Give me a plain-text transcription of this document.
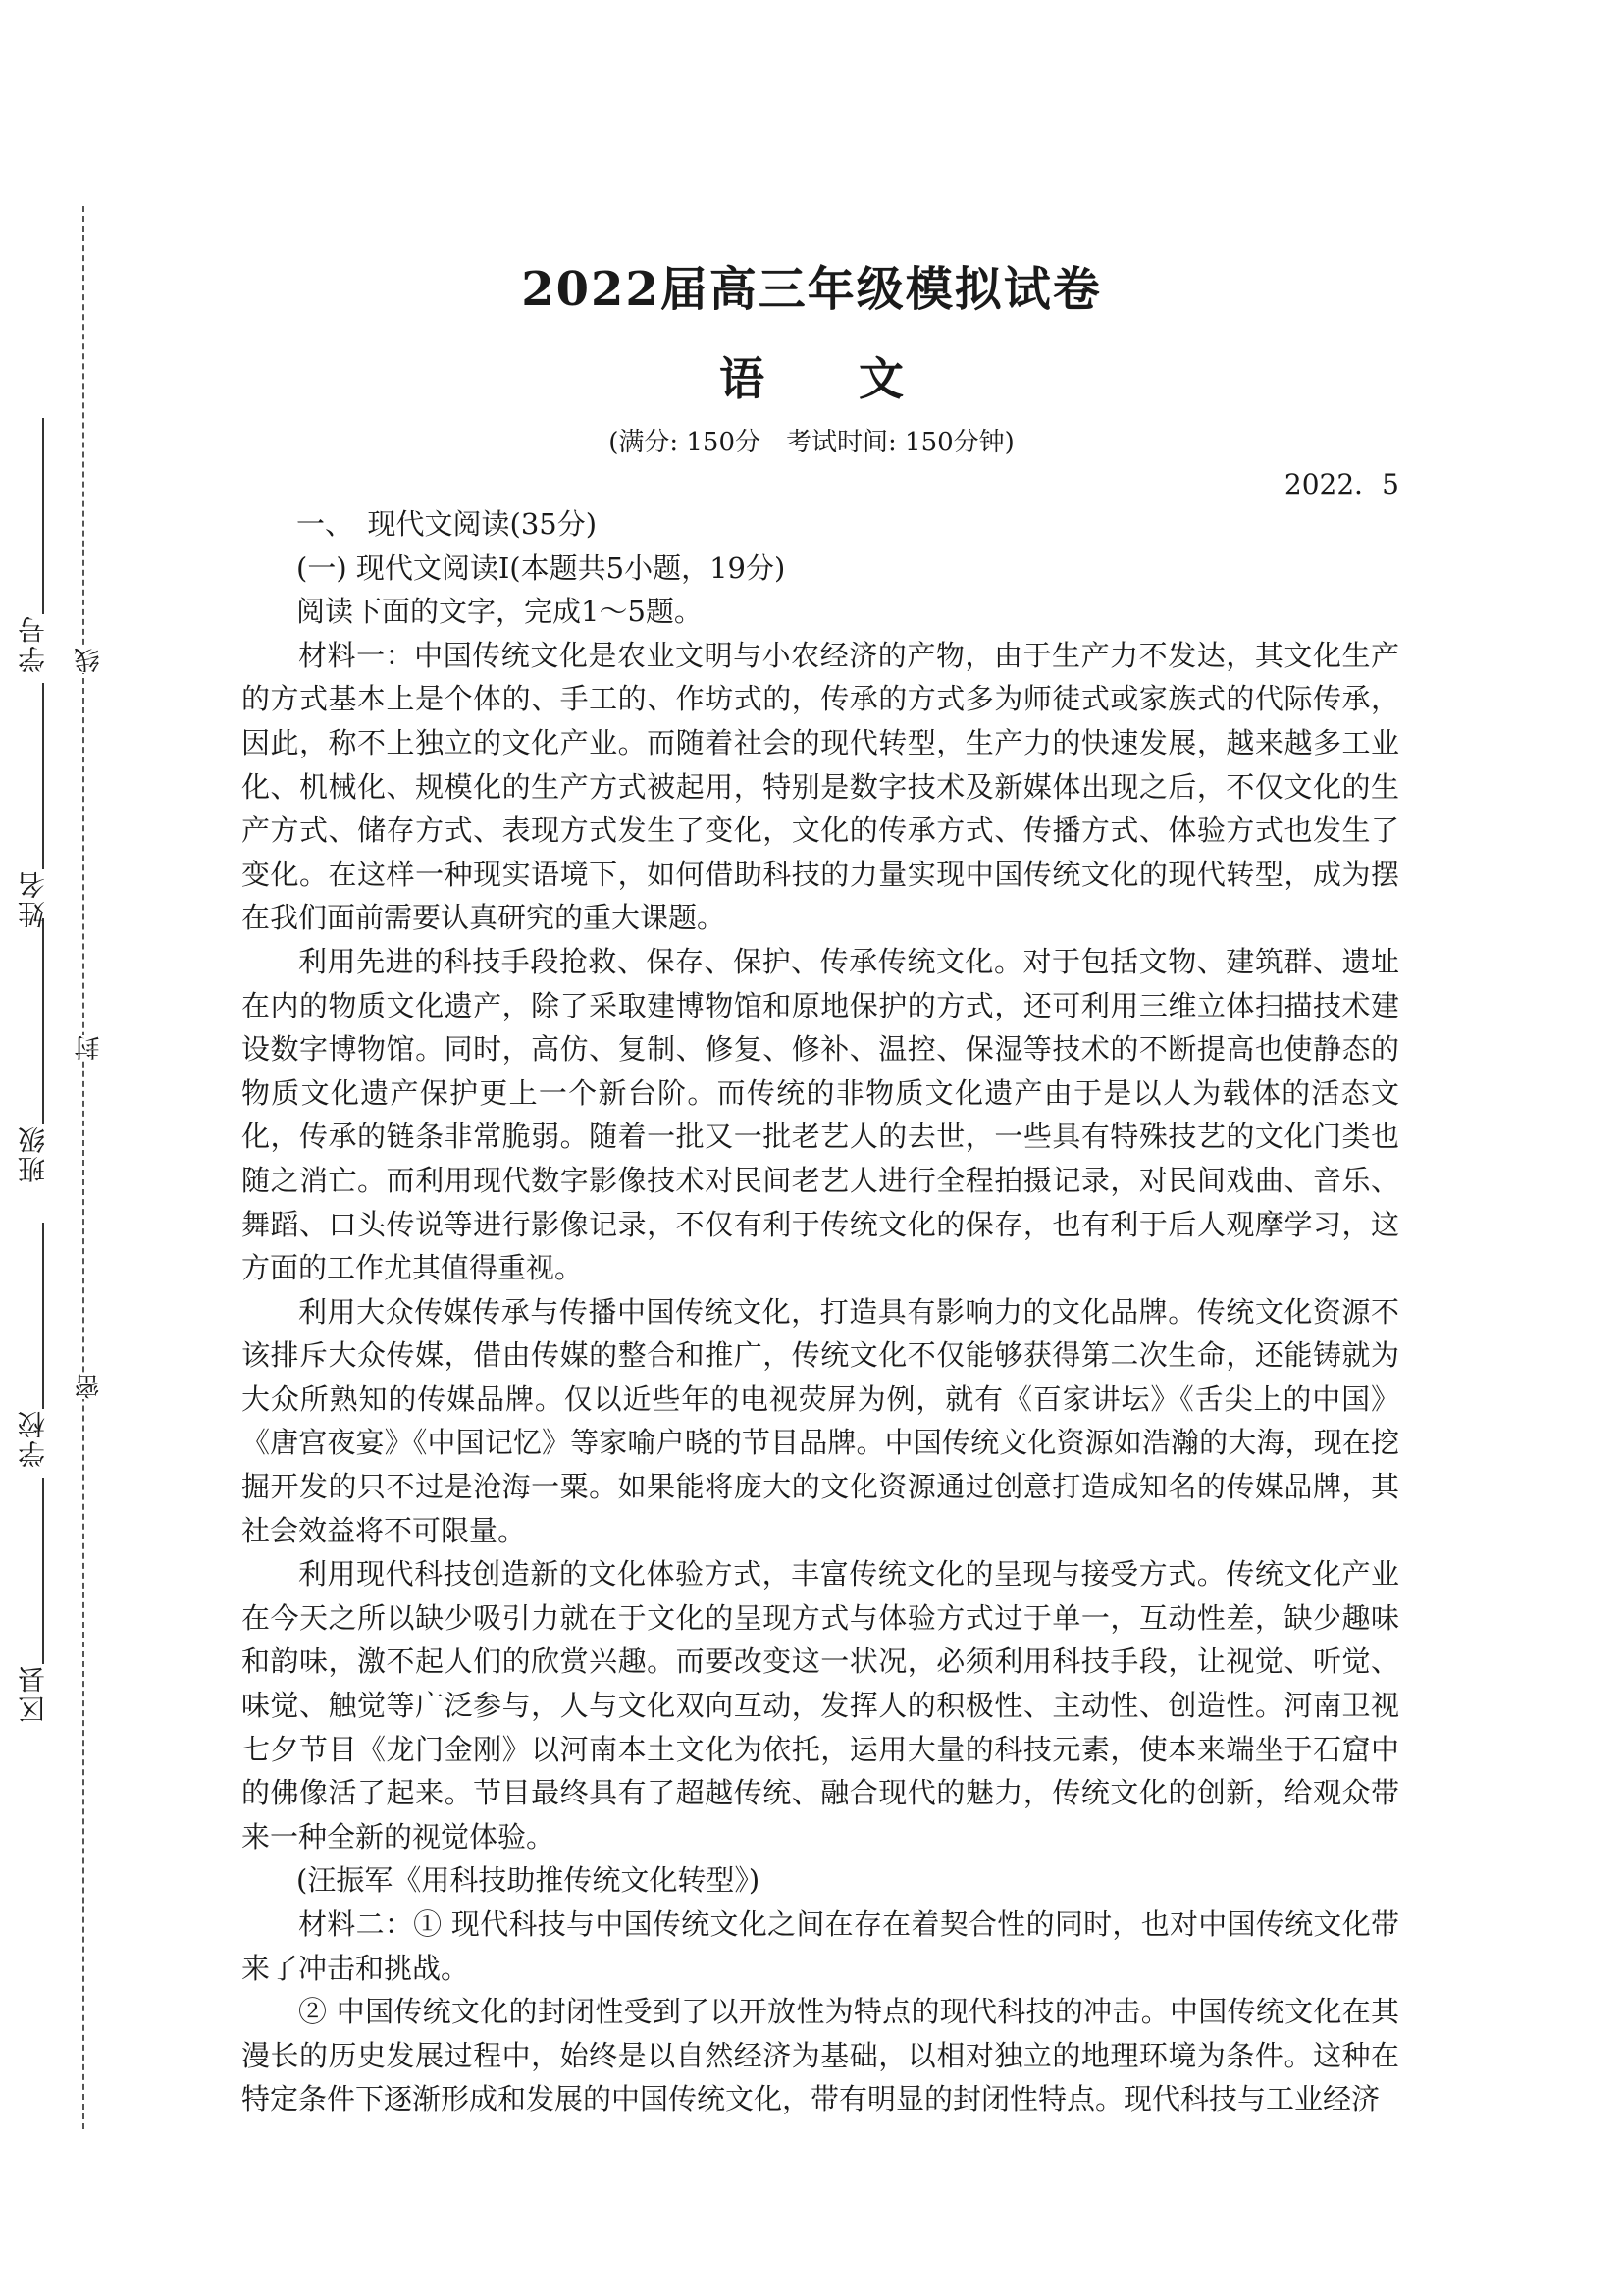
区县
学校
班级
姓名
学号
密
封
线
2022届高三年级模拟试卷
语文
(满分: 150分　考试时间: 150分钟)
2022．5

一、　现代文阅读(35分)

(一) 现代文阅读Ⅰ(本题共5小题，19分)

阅读下面的文字，完成1～5题。

材料一：中国传统文化是农业文明与小农经济的产物，由于生产力不发达，其文化生产的方式基本上是个体的、手工的、作坊式的，传承的方式多为师徒式或家族式的代际传承，因此，称不上独立的文化产业。而随着社会的现代转型，生产力的快速发展，越来越多工业化、机械化、规模化的生产方式被起用，特别是数字技术及新媒体出现之后，不仅文化的生产方式、储存方式、表现方式发生了变化，文化的传承方式、传播方式、体验方式也发生了变化。在这样一种现实语境下，如何借助科技的力量实现中国传统文化的现代转型，成为摆在我们面前需要认真研究的重大课题。

利用先进的科技手段抢救、保存、保护、传承传统文化。对于包括文物、建筑群、遗址在内的物质文化遗产，除了采取建博物馆和原地保护的方式，还可利用三维立体扫描技术建设数字博物馆。同时，高仿、复制、修复、修补、温控、保湿等技术的不断提高也使静态的物质文化遗产保护更上一个新台阶。而传统的非物质文化遗产由于是以人为载体的活态文化，传承的链条非常脆弱。随着一批又一批老艺人的去世，一些具有特殊技艺的文化门类也随之消亡。而利用现代数字影像技术对民间老艺人进行全程拍摄记录，对民间戏曲、音乐、舞蹈、口头传说等进行影像记录，不仅有利于传统文化的保存，也有利于后人观摩学习，这方面的工作尤其值得重视。

利用大众传媒传承与传播中国传统文化，打造具有影响力的文化品牌。传统文化资源不该排斥大众传媒，借由传媒的整合和推广，传统文化不仅能够获得第二次生命，还能铸就为大众所熟知的传媒品牌。仅以近些年的电视荧屏为例，就有《百家讲坛》《舌尖上的中国》《唐宫夜宴》《中国记忆》等家喻户晓的节目品牌。中国传统文化资源如浩瀚的大海，现在挖掘开发的只不过是沧海一粟。如果能将庞大的文化资源通过创意打造成知名的传媒品牌，其社会效益将不可限量。

利用现代科技创造新的文化体验方式，丰富传统文化的呈现与接受方式。传统文化产业在今天之所以缺少吸引力就在于文化的呈现方式与体验方式过于单一，互动性差，缺少趣味和韵味，激不起人们的欣赏兴趣。而要改变这一状况，必须利用科技手段，让视觉、听觉、味觉、触觉等广泛参与，人与文化双向互动，发挥人的积极性、主动性、创造性。河南卫视七夕节目《龙门金刚》以河南本土文化为依托，运用大量的科技元素，使本来端坐于石窟中的佛像活了起来。节目最终具有了超越传统、融合现代的魅力，传统文化的创新，给观众带来一种全新的视觉体验。

(汪振军《用科技助推传统文化转型》)

材料二：① 现代科技与中国传统文化之间在存在着契合性的同时，也对中国传统文化带来了冲击和挑战。

② 中国传统文化的封闭性受到了以开放性为特点的现代科技的冲击。中国传统文化在其漫长的历史发展过程中，始终是以自然经济为基础，以相对独立的地理环境为条件。这种在特定条件下逐渐形成和发展的中国传统文化，带有明显的封闭性特点。现代科技与工业经济
